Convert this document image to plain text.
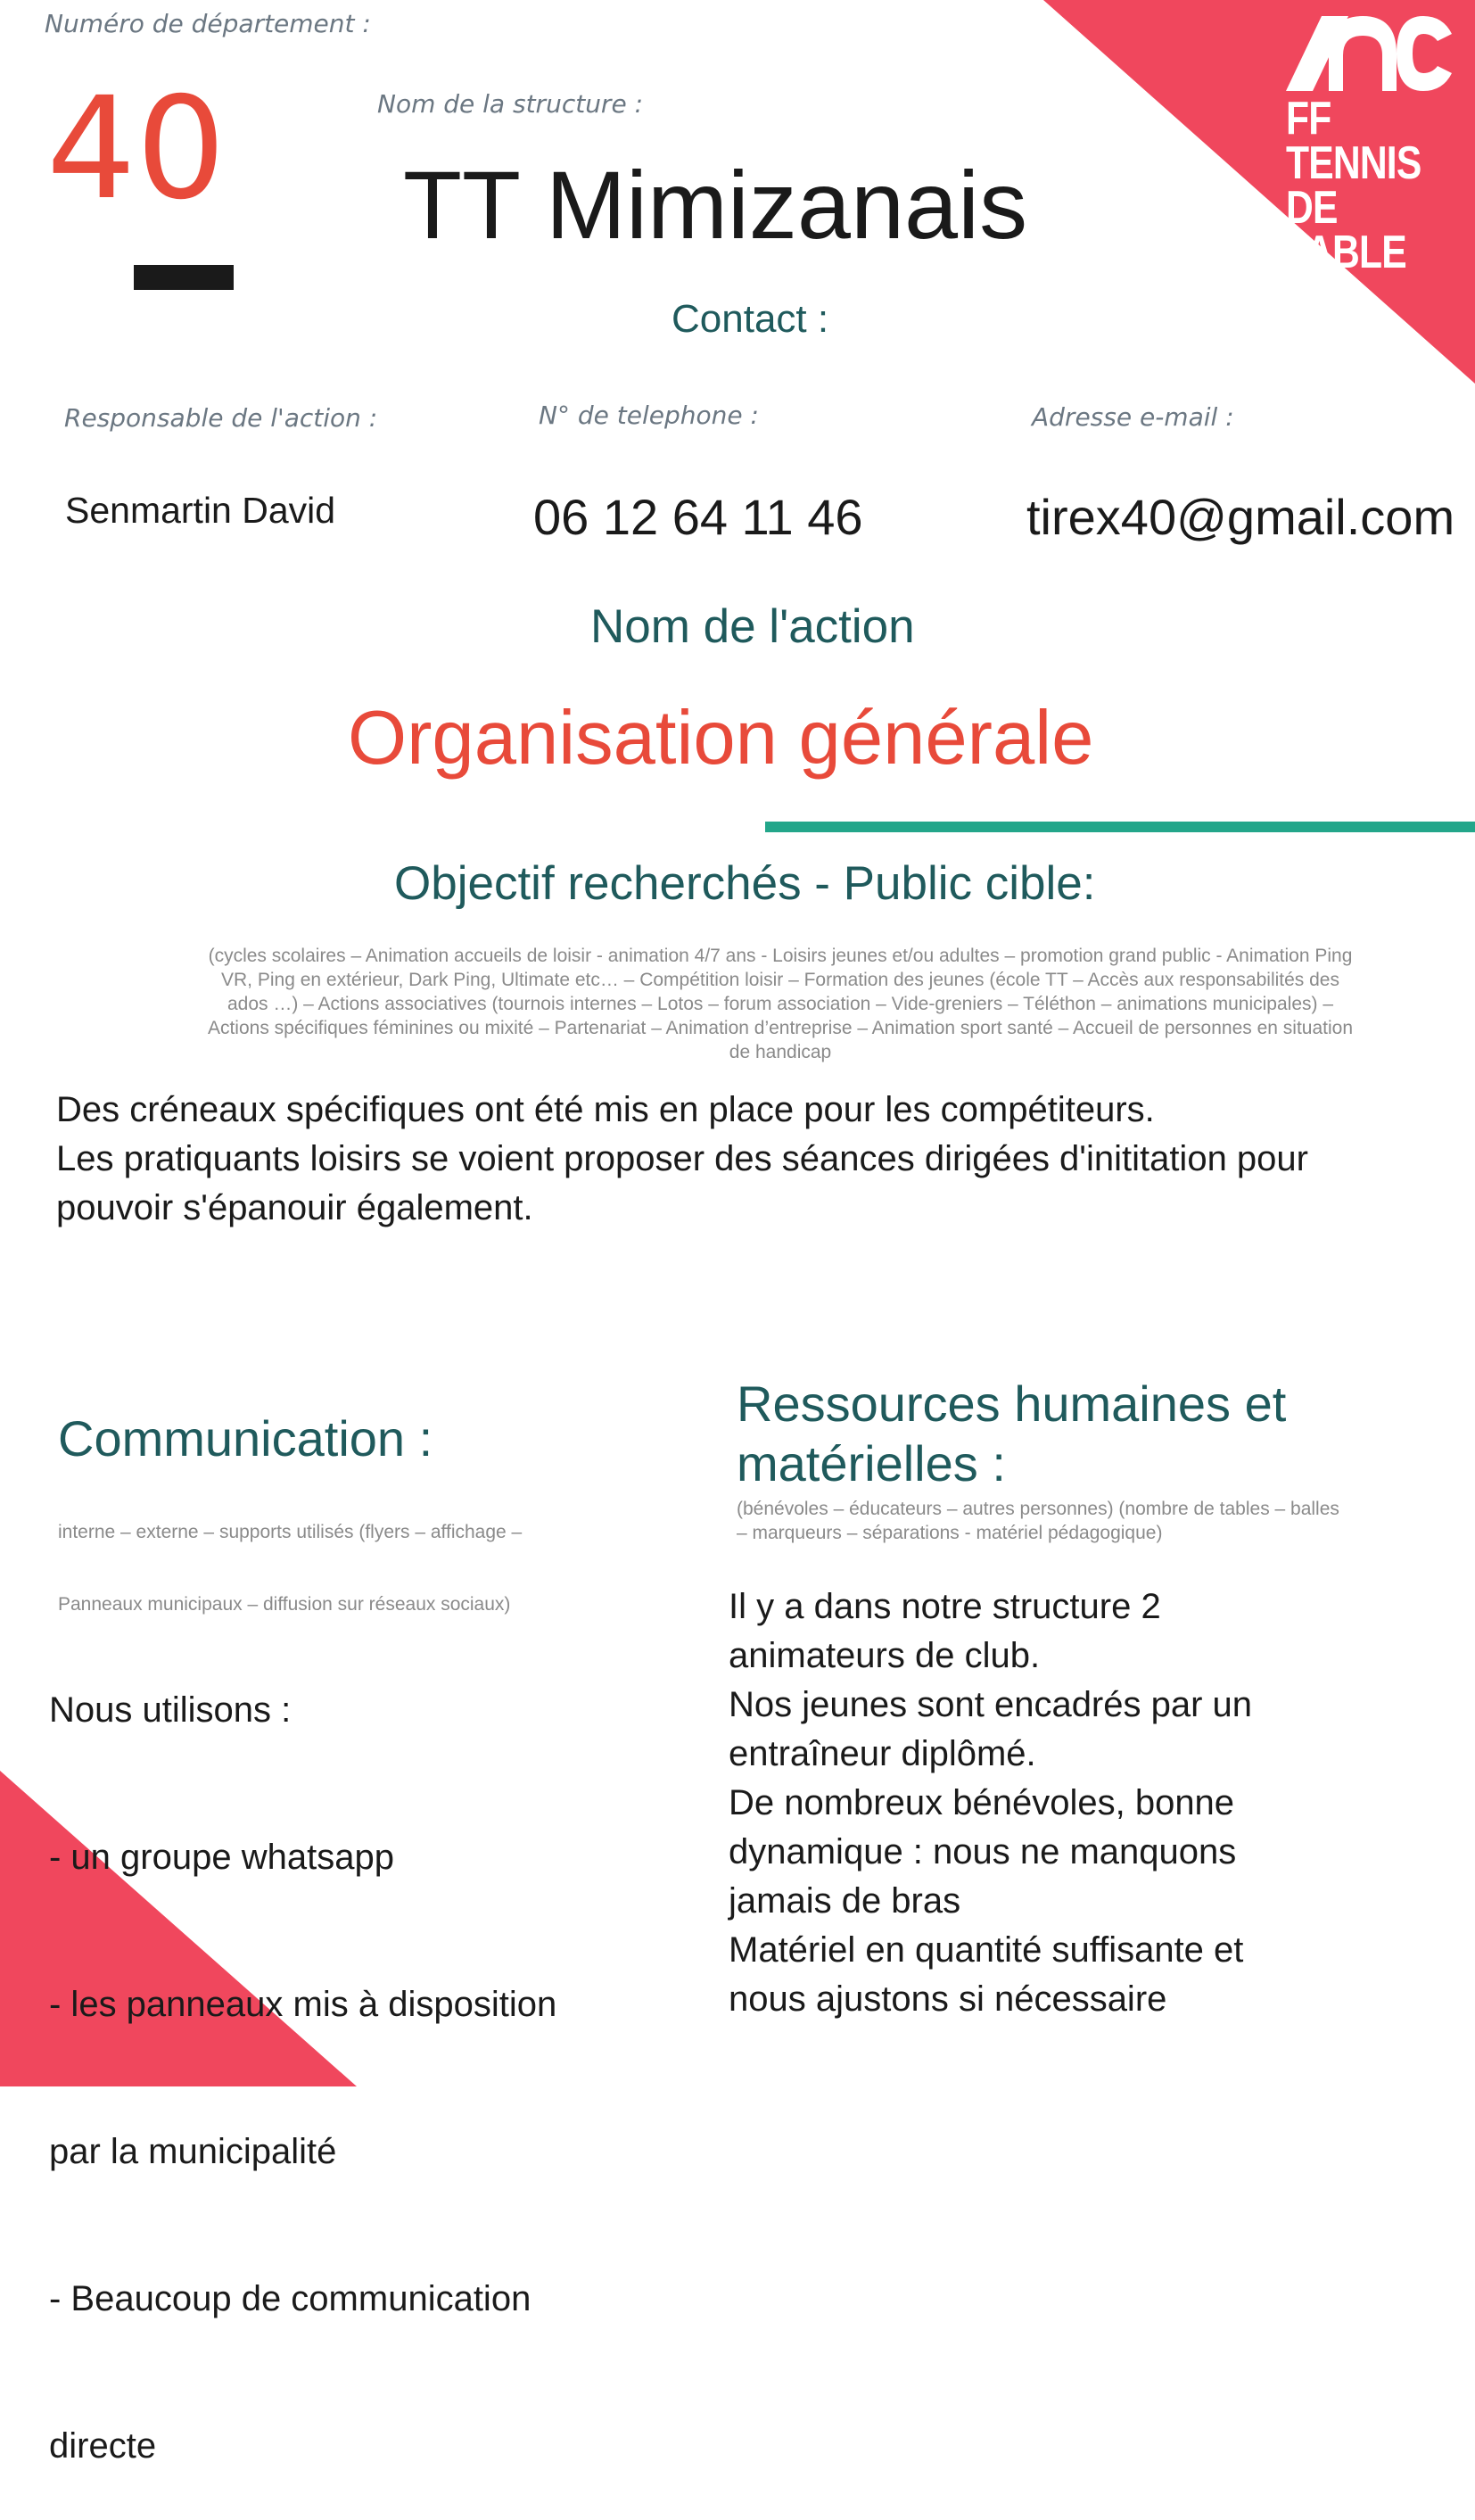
FF TENNIS
DE TABLE
Numéro de département :
40	Nom de la structure :
TT Mimizanais
Contact :
Responsable de l'action :	N° de telephone :	Adresse e-mail :
Senmartin David	06 12 64 11 46	tirex40@gmail.com
Nom de l'action
Organisation générale
Objectif recherchés - Public cible:
(cycles scolaires – Animation accueils de loisir - animation 4/7 ans - Loisirs jeunes et/ou adultes – promotion grand public - Animation Ping
VR, Ping en extérieur, Dark Ping, Ultimate etc… – Compétition loisir – Formation des jeunes (école TT – Accès aux responsabilités des
ados …) – Actions associatives (tournois internes – Lotos – forum association – Vide-greniers – Téléthon – animations municipales) –
Actions spécifiques féminines ou mixité – Partenariat – Animation d’entreprise – Animation sport santé – Accueil de personnes en situation
de handicap
Des créneaux spécifiques ont été mis en place pour les compétiteurs.
Les pratiquants loisirs se voient proposer des séances dirigées d'inititation pour
pouvoir s'épanouir également.
Communication :

interne – externe – supports utilisés (flyers – affichage –

Panneaux municipaux – diffusion sur réseaux sociaux)

Nous utilisons :

- un groupe whatsapp

- les panneaux mis à disposition

par la municipalité

- Beaucoup de communication

directe

Ressources humaines et
matérielles :
(bénévoles – éducateurs – autres personnes) (nombre de tables – balles
– marqueurs – séparations - matériel pédagogique)
Il y a dans notre structure 2
animateurs de club.
Nos jeunes sont encadrés par un
entraîneur diplômé.
De nombreux bénévoles, bonne
dynamique : nous ne manquons
jamais de bras
Matériel en quantité suffisante et
nous ajustons si nécessaire
